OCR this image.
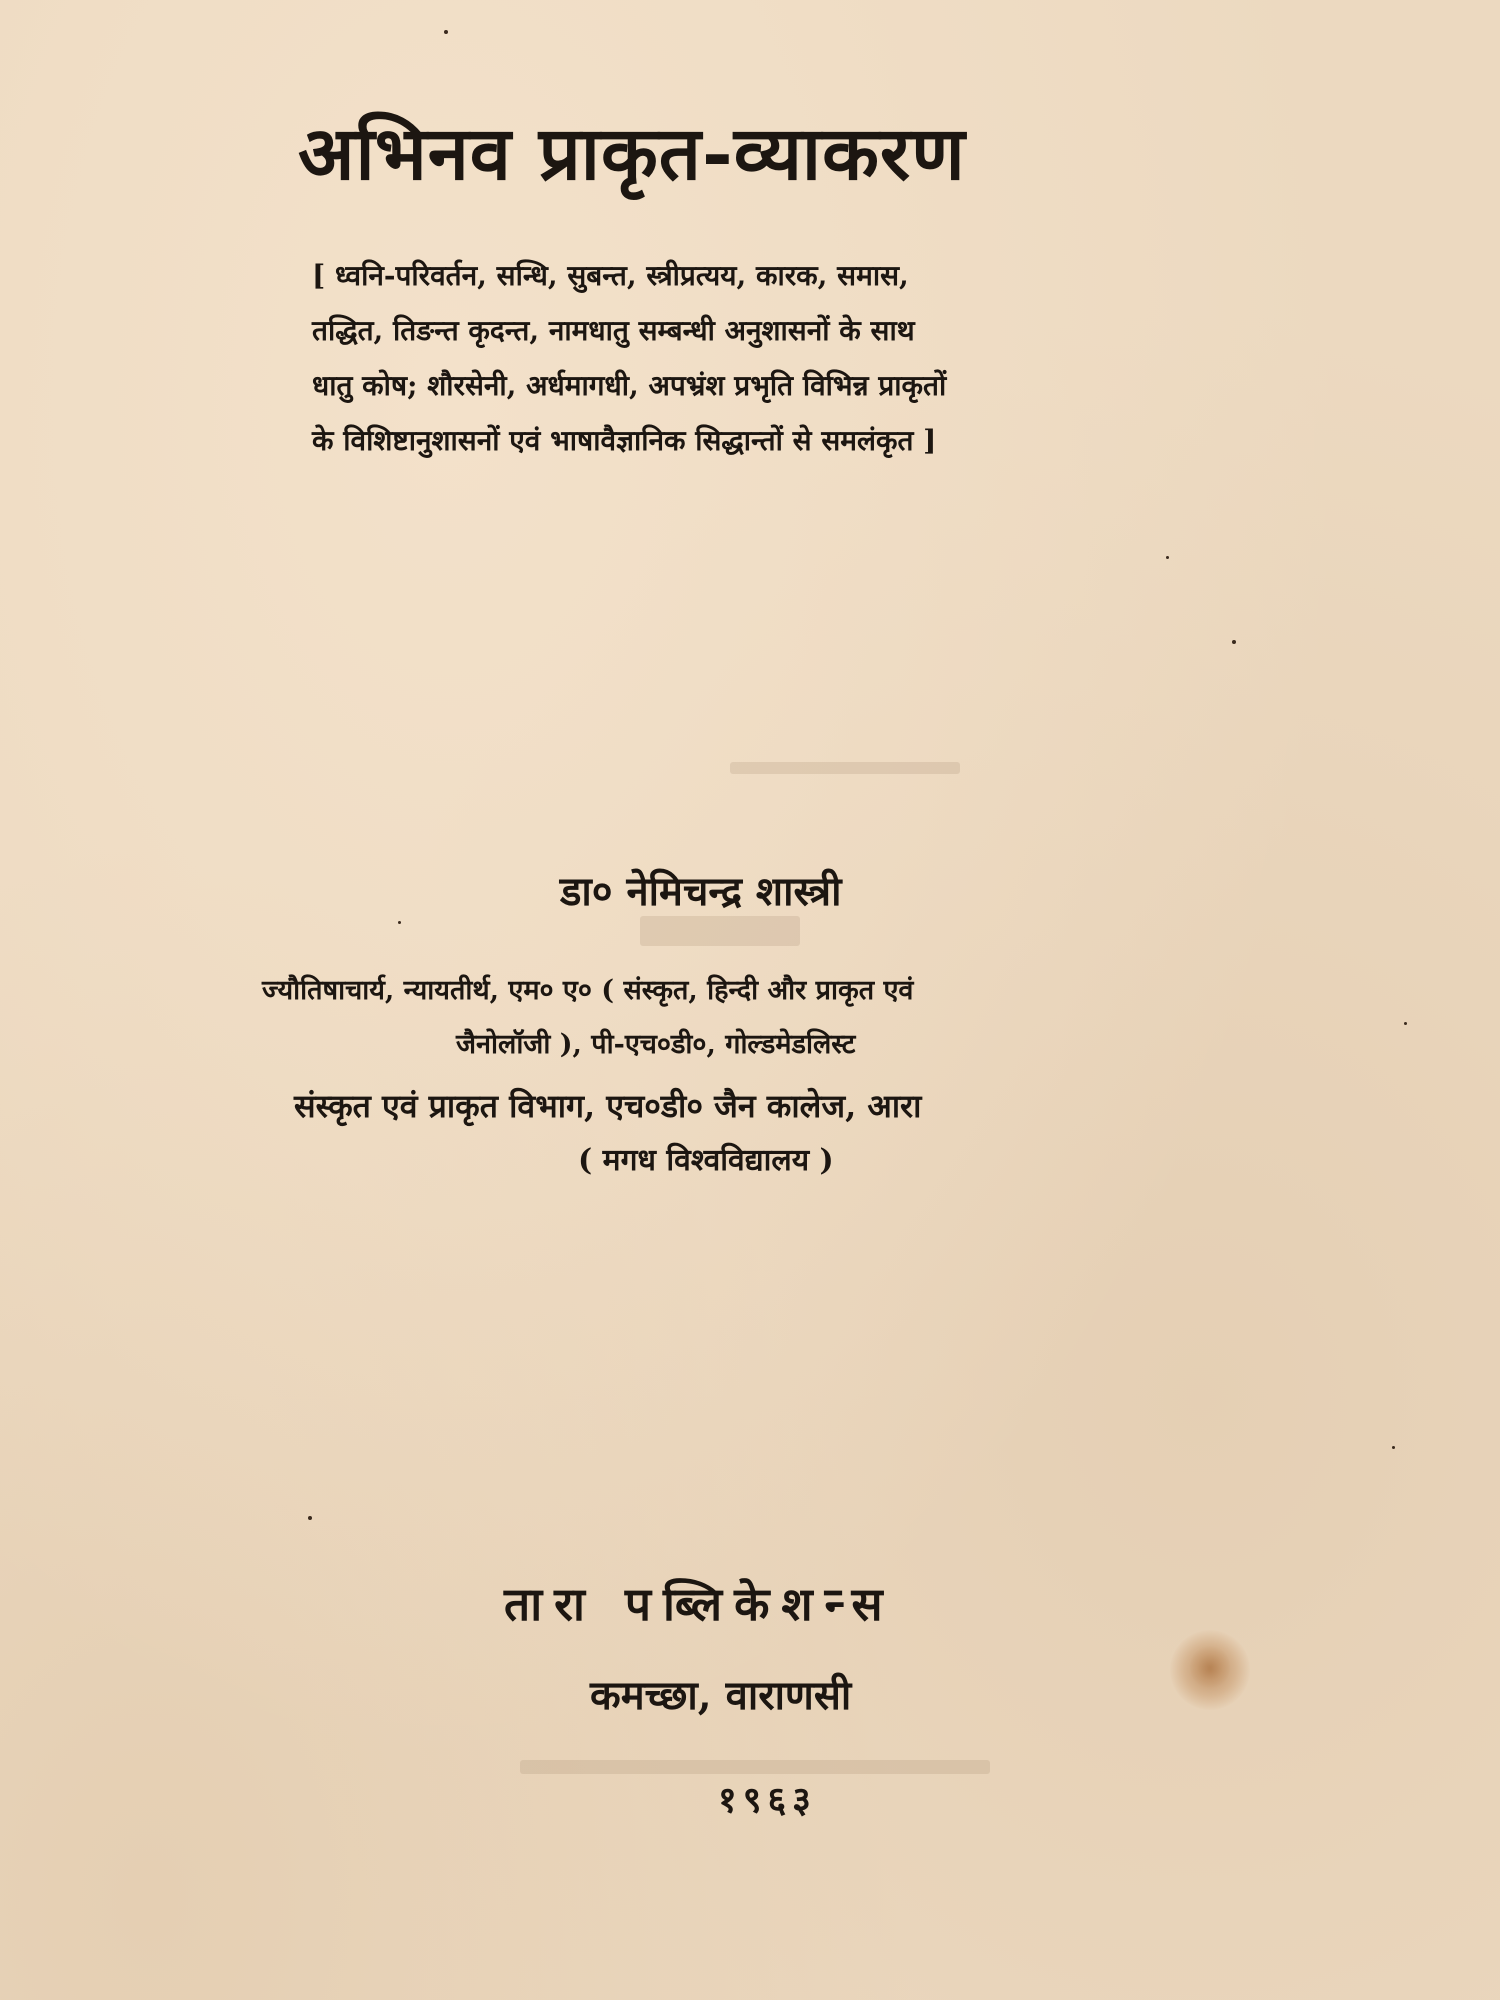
अभिनव प्राकृत-व्याकरण
[ ध्वनि-परिवर्तन, सन्धि, सुबन्त, स्त्रीप्रत्यय, कारक, समास,
तद्धित, तिङन्त कृदन्त, नामधातु सम्बन्धी अनुशासनों के साथ
धातु कोष; शौरसेनी, अर्धमागधी, अपभ्रंश प्रभृति विभिन्न प्राकृतों
के विशिष्टानुशासनों एवं भाषावैज्ञानिक सिद्धान्तों से समलंकृत ]
डा० नेमिचन्द्र शास्त्री
ज्यौतिषाचार्य, न्यायतीर्थ, एम० ए० ( संस्कृत, हिन्दी और प्राकृत एवं
जैनोलॉजी ), पी-एच०डी०, गोल्डमेडलिस्ट
संस्कृत एवं प्राकृत विभाग, एच०डी० जैन कालेज, आरा
( मगध विश्वविद्यालय )
तारा पब्लिकेशन्स
कमच्छा, वाराणसी
१९६३
